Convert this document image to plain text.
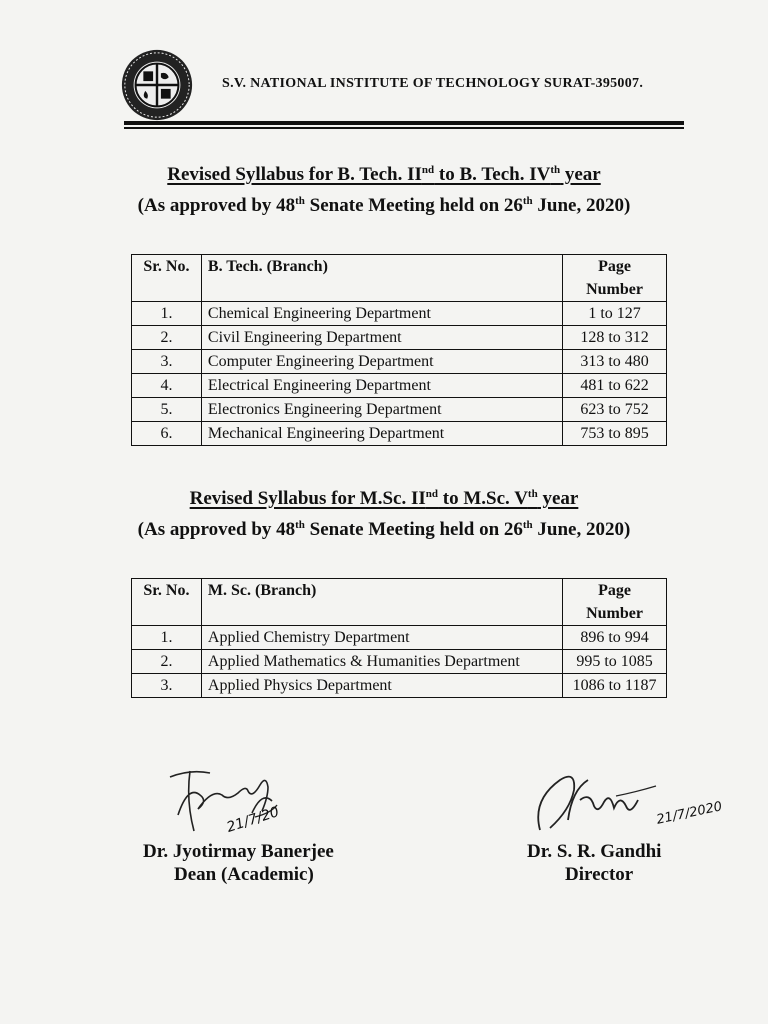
S.V. NATIONAL INSTITUTE OF TECHNOLOGY SURAT-395007.
Revised Syllabus for B. Tech. IInd to B. Tech. IVth year
(As approved by 48th Senate Meeting held on 26th June, 2020)
Sr. No.	B. Tech. (Branch)	Page Number
1.	Chemical Engineering Department	1 to 127
2.	Civil Engineering Department	128 to 312
3.	Computer Engineering Department	313 to 480
4.	Electrical Engineering Department	481 to 622
5.	Electronics Engineering Department	623 to 752
6.	Mechanical Engineering Department	753 to 895
Revised Syllabus for M.Sc. IInd to M.Sc. Vth year
(As approved by 48th Senate Meeting held on 26th June, 2020)
Sr. No.	M. Sc. (Branch)	Page Number
1.	Applied Chemistry Department	896 to 994
2.	Applied Mathematics & Humanities Department	995 to 1085
3.	Applied Physics Department	1086 to 1187
21/7/20
Dr. Jyotirmay Banerjee
Dean (Academic)
21/7/2020
Dr. S. R. Gandhi
Director
